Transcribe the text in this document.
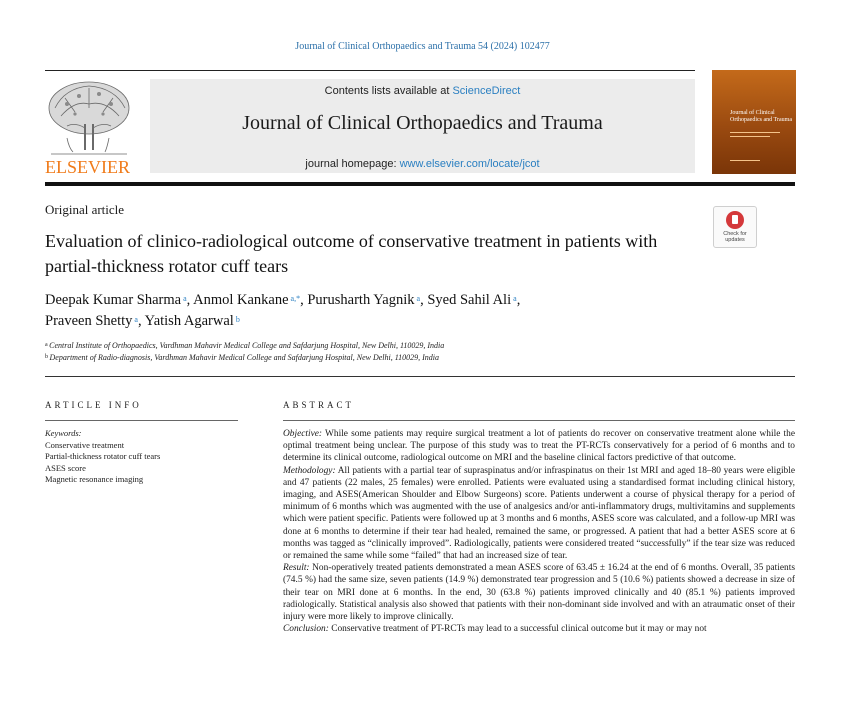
Journal of Clinical Orthopaedics and Trauma 54 (2024) 102477
ELSEVIER
Contents lists available at ScienceDirect
Journal of Clinical Orthopaedics and Trauma
journal homepage: www.elsevier.com/locate/jcot
Journal of Clinical Orthopaedics and Trauma
Original article
Evaluation of clinico-radiological outcome of conservative treatment in patients with partial-thickness rotator cuff tears
Check for
updates
Deepak Kumar Sharma $^a$, Anmol Kankane $^{a,*}$, Purusharth Yagnik $^a$, Syed Sahil Ali $^a$,
Praveen Shetty $^a$, Yatish Agarwal $^b$
$^a$ Central Institute of Orthopaedics, Vardhman Mahavir Medical College and Safdarjung Hospital, New Delhi, 110029, India
$^b$ Department of Radio-diagnosis, Vardhman Mahavir Medical College and Safdarjung Hospital, New Delhi, 110029, India
ARTICLE INFO	ABSTRACT
Keywords:
Conservative treatment
Partial-thickness rotator cuff tears
ASES score
Magnetic resonance imaging

Objective: While some patients may require surgical treatment a lot of patients do recover on conservative treatment alone while the optimal treatment being unclear. The purpose of this study was to treat the PT-RCTs conservatively for a period of 6 months and to determine its clinical outcome, radiological outcome on MRI and the baseline clinical factors predictive of that outcome.

Methodology: All patients with a partial tear of supraspinatus and/or infraspinatus on their 1st MRI and aged 18–80 years were eligible and 47 patients (22 males, 25 females) were enrolled. Patients were evaluated using a standardised format including clinical history, imaging, and ASES(American Shoulder and Elbow Surgeons) score. Patients underwent a course of physical therapy for a period of minimum of 6 months which was augmented with the use of analgesics and/or anti-inflammatory drugs, multivitamins and supplements which were patient specific. Patients were followed up at 3 months and 6 months, ASES score was calculated, and a follow-up MRI was done at 6 months to determine if their tear had healed, remained the same, or progressed. A patient that had a better ASES score at 6 months was tagged as “clinically improved”. Radiologically, patients were considered treated “successfully” if the tear size was reduced or remained the same while some “failed” that had an increased size of tear.

Result: Non-operatively treated patients demonstrated a mean ASES score of 63.45 ± 16.24 at the end of 6 months. Overall, 35 patients (74.5 %) had the same size, seven patients (14.9 %) demonstrated tear progression and 5 (10.6 %) patients showed a decrease in size of their tear on MRI done at 6 months. In the end, 30 (63.8 %) patients improved clinically and 40 (85.1 %) patients improved radiologically. Statistical analysis also showed that patients with their non-dominant side involved and with an atraumatic onset of their injury were more likely to improve clinically.

Conclusion: Conservative treatment of PT-RCTs may lead to a successful clinical outcome but it may or may not
